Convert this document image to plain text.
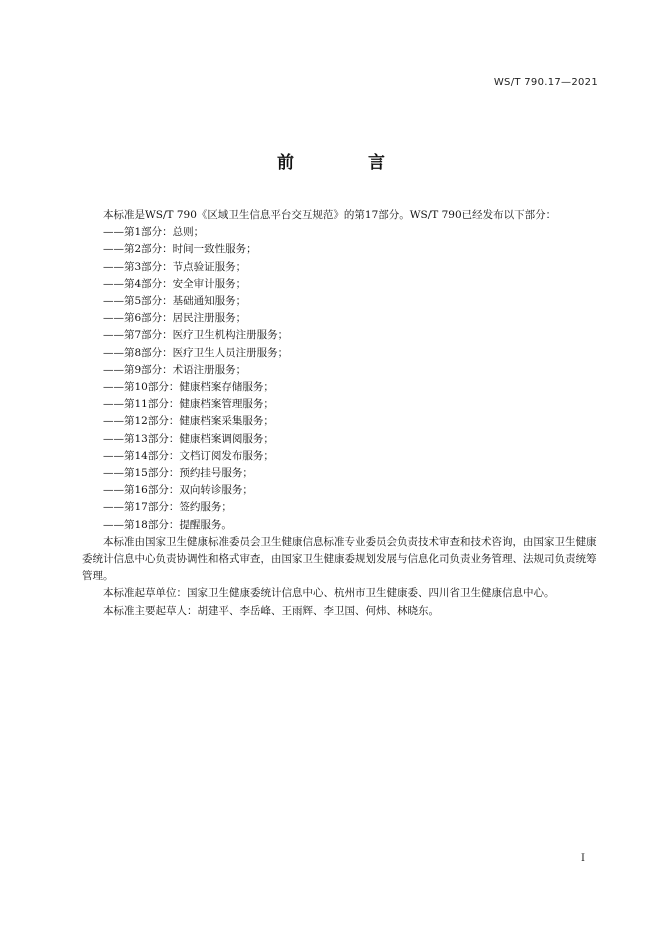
WS/T 790.17—2021
前 言

本标准是WS/T 790《区域卫生信息平台交互规范》的第17部分。WS/T 790已经发布以下部分：

——第1部分：总则；

——第2部分：时间一致性服务；

——第3部分：节点验证服务；

——第4部分：安全审计服务；

——第5部分：基础通知服务；

——第6部分：居民注册服务；

——第7部分：医疗卫生机构注册服务；

——第8部分：医疗卫生人员注册服务；

——第9部分：术语注册服务；

——第10部分：健康档案存储服务；

——第11部分：健康档案管理服务；

——第12部分：健康档案采集服务；

——第13部分：健康档案调阅服务；

——第14部分：文档订阅发布服务；

——第15部分：预约挂号服务；

——第16部分：双向转诊服务；

——第17部分：签约服务；

——第18部分：提醒服务。

本标准由国家卫生健康标准委员会卫生健康信息标准专业委员会负责技术审查和技术咨询，由国家卫生健康委统计信息中心负责协调性和格式审查，由国家卫生健康委规划发展与信息化司负责业务管理、法规司负责统筹管理。

本标准起草单位：国家卫生健康委统计信息中心、杭州市卫生健康委、四川省卫生健康信息中心。

本标准主要起草人：胡建平、李岳峰、王雨辉、李卫国、何炜、林晓东。

I
